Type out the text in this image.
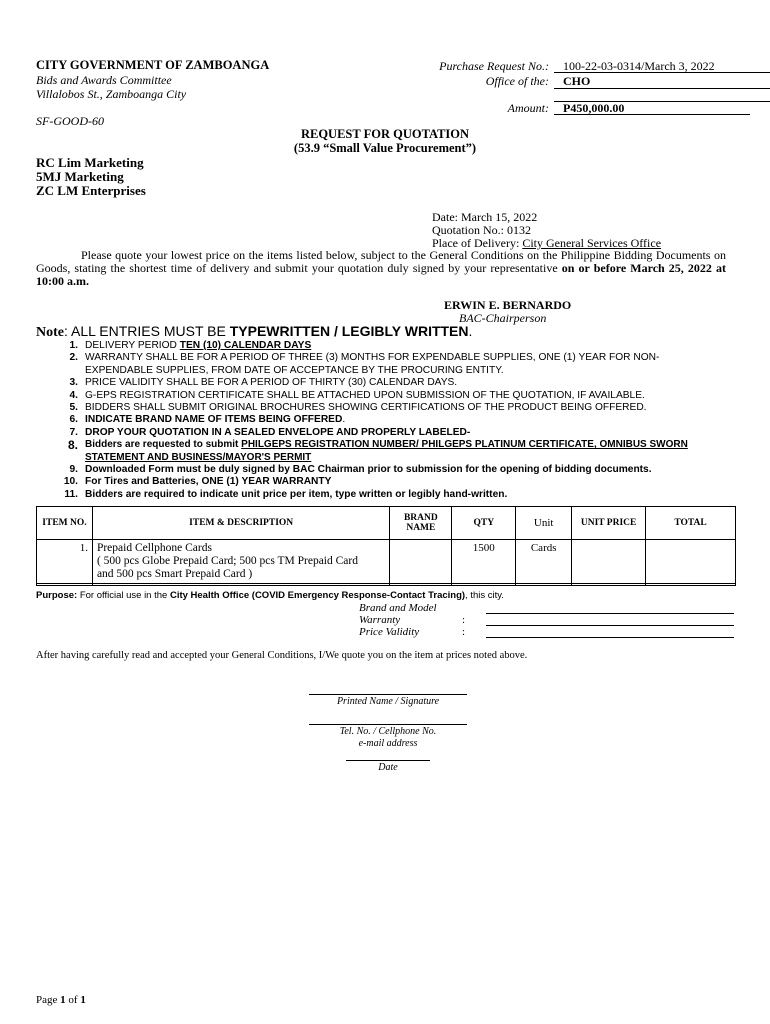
CITY GOVERNMENT OF ZAMBOANGA
Bids and Awards Committee
Villalobos St., Zamboanga City
SF-GOOD-60
Purchase Request No.: 100-22-03-0314/March 3, 2022
Office of the: CHO
Amount: P450,000.00
REQUEST FOR QUOTATION
(53.9 “Small Value Procurement”)
RC Lim Marketing
5MJ Marketing
ZC LM Enterprises
Date: March 15, 2022
Quotation No.: 0132
Place of Delivery: City General Services Office
Please quote your lowest price on the items listed below, subject to the General Conditions on the Philippine Bidding Documents on Goods, stating the shortest time of delivery and submit your quotation duly signed by your representative on or before March 25, 2022 at 10:00 a.m.
ERWIN E. BERNARDO
BAC-Chairperson
Note: ALL ENTRIES MUST BE TYPEWRITTEN / LEGIBLY WRITTEN.
1. DELIVERY PERIOD TEN (10) CALENDAR DAYS
2. WARRANTY SHALL BE FOR A PERIOD OF THREE (3) MONTHS FOR EXPENDABLE SUPPLIES, ONE (1) YEAR FOR NON-
EXPENDABLE SUPPLIES, FROM DATE OF ACCEPTANCE BY THE PROCURING ENTITY.
3. PRICE VALIDITY SHALL BE FOR A PERIOD OF THIRTY (30) CALENDAR DAYS.
4. G-EPS REGISTRATION CERTIFICATE SHALL BE ATTACHED UPON SUBMISSION OF THE QUOTATION, IF AVAILABLE.
5. BIDDERS SHALL SUBMIT ORIGINAL BROCHURES SHOWING CERTIFICATIONS OF THE PRODUCT BEING OFFERED.
6. INDICATE BRAND NAME OF ITEMS BEING OFFERED.
7. DROP YOUR QUOTATION IN A SEALED ENVELOPE AND PROPERLY LABELED-
8. Bidders are requested to submit PHILGEPS REGISTRATION NUMBER/ PHILGEPS PLATINUM CERTIFICATE, OMNIBUS SWORN
STATEMENT AND BUSINESS/MAYOR'S PERMIT
9. Downloaded Form must be duly signed by BAC Chairman prior to submission for the opening of bidding documents.
10. For Tires and Batteries, ONE (1) YEAR WARRANTY
11. Bidders are required to indicate unit price per item, type written or legibly hand-written.
ITEM NO.	ITEM & DESCRIPTION	BRAND NAME	QTY	Unit	UNIT PRICE	TOTAL
1.	Prepaid Cellphone Cards
( 500 pcs Globe Prepaid Card; 500 pcs TM Prepaid Card
and 500 pcs Smart Prepaid Card )		1500	Cards		
Purpose: For official use in the City Health Office (COVID Emergency Response-Contact Tracing), this city.
Brand and Model
Warranty	:
Price Validity	:
After having carefully read and accepted your General Conditions, I/We quote you on the item at prices noted above.
Printed Name / Signature
Tel. No. / Cellphone No.
e-mail address
Date
Page 1 of 1
